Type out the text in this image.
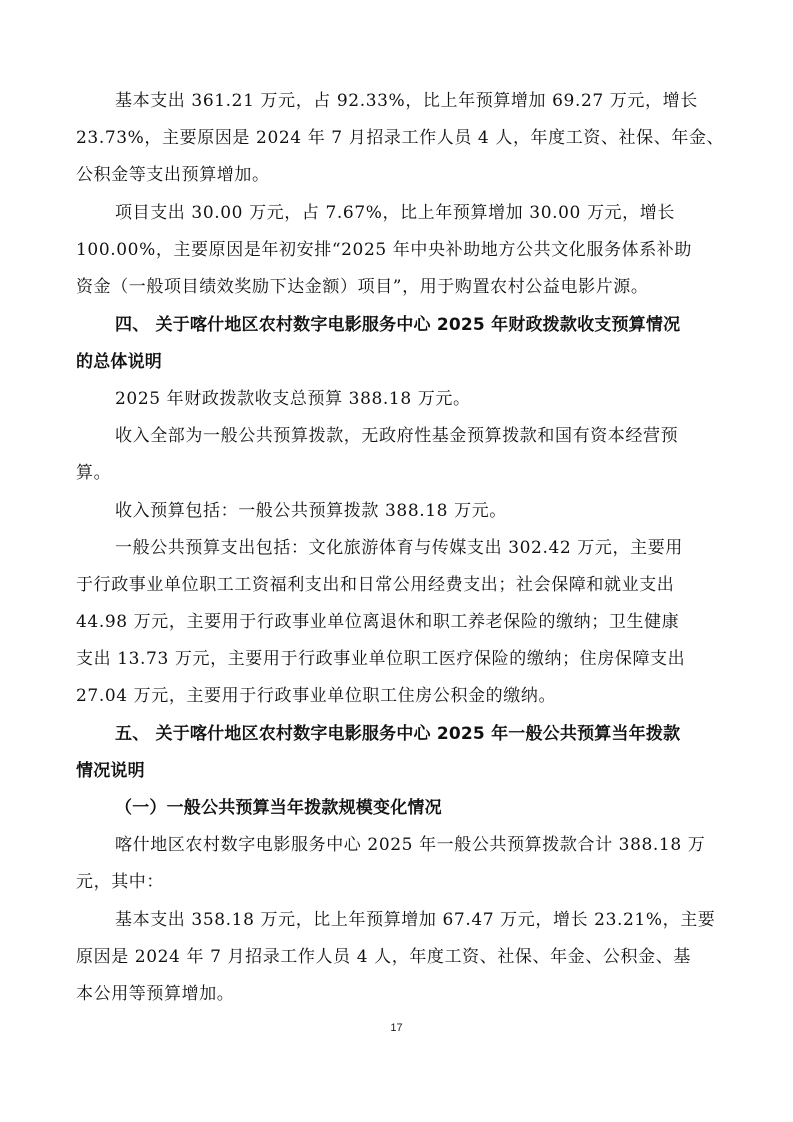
基本支出 361.21 万元，占 92.33%，比上年预算增加 69.27 万元，增长
23.73%，主要原因是 2024 年 7 月招录工作人员 4 人，年度工资、社保、年金、
公积金等支出预算增加。
项目支出 30.00 万元，占 7.67%，比上年预算增加 30.00 万元，增长
100.00%，主要原因是年初安排“2025 年中央补助地方公共文化服务体系补助
资金（一般项目绩效奖励下达金额）项目”，用于购置农村公益电影片源。
四、 关于喀什地区农村数字电影服务中心 2025 年财政拨款收支预算情况
的总体说明
2025 年财政拨款收支总预算 388.18 万元。
收入全部为一般公共预算拨款，无政府性基金预算拨款和国有资本经营预
算。
收入预算包括：一般公共预算拨款 388.18 万元。
一般公共预算支出包括：文化旅游体育与传媒支出 302.42 万元，主要用
于行政事业单位职工工资福利支出和日常公用经费支出；社会保障和就业支出
44.98 万元，主要用于行政事业单位离退休和职工养老保险的缴纳；卫生健康
支出 13.73 万元，主要用于行政事业单位职工医疗保险的缴纳；住房保障支出
27.04 万元，主要用于行政事业单位职工住房公积金的缴纳。
五、 关于喀什地区农村数字电影服务中心 2025 年一般公共预算当年拨款
情况说明
（一）一般公共预算当年拨款规模变化情况
喀什地区农村数字电影服务中心 2025 年一般公共预算拨款合计 388.18 万
元，其中：
基本支出 358.18 万元，比上年预算增加 67.47 万元，增长 23.21%，主要
原因是 2024 年 7 月招录工作人员 4 人，年度工资、社保、年金、公积金、基
本公用等预算增加。
17
